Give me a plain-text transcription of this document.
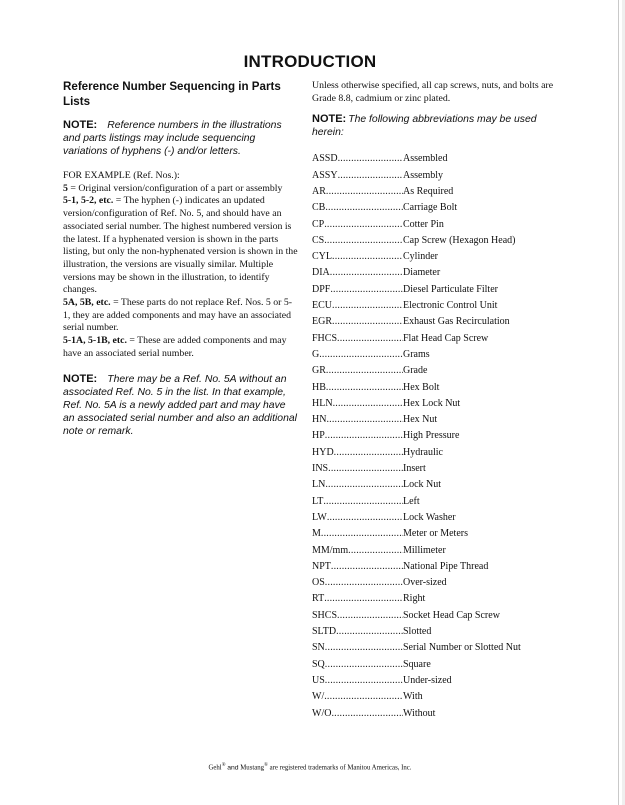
INTRODUCTION
Reference Number Sequencing in Parts Lists
NOTE: Reference numbers in the illustrations and parts listings may include sequencing variations of hyphens (-) and/or letters.

FOR EXAMPLE (Ref. Nos.):

5 = Original version/configuration of a part or assembly

5-1, 5-2, etc. = The hyphen (-) indicates an updated version/configuration of Ref. No. 5, and should have an associated serial number. The highest numbered version is the latest. If a hyphenated version is shown in the parts listing, but only the non-hyphenated version is shown in the illustration, the versions are visually similar. Multiple versions may be shown in the illustration, to identify changes.

5A, 5B, etc. = These parts do not replace Ref. Nos. 5 or 5-1, they are added components and may have an associated serial number.

5-1A, 5-1B, etc. = These are added components and may have an associated serial number.

NOTE: There may be a Ref. No. 5A without an associated Ref. No. 5 in the list. In that example, Ref. No. 5A is a newly added part and may have an associated serial number and also an additional note or remark.

Unless otherwise specified, all cap screws, nuts, and bolts are Grade 8.8, cadmium or zinc plated.

NOTE: The following abbreviations may be used herein:
ASSD .....	Assembled
ASSY .....	Assembly
AR .....	As Required
CB .....	Carriage Bolt
CP .....	Cotter Pin
CS .....	Cap Screw (Hexagon Head)
CYL .....	Cylinder
DIA .....	Diameter
DPF .....	Diesel Particulate Filter
ECU .....	Electronic Control Unit
EGR .....	Exhaust Gas Recirculation
FHCS .....	Flat Head Cap Screw
G .....	Grams
GR .....	Grade
HB .....	Hex Bolt
HLN .....	Hex Lock Nut
HN .....	Hex Nut
HP .....	High Pressure
HYD .....	Hydraulic
INS .....	Insert
LN .....	Lock Nut
LT .....	Left
LW .....	Lock Washer
M .....	Meter or Meters
MM/mm .....	Millimeter
NPT .....	National Pipe Thread
OS .....	Over-sized
RT .....	Right
SHCS .....	Socket Head Cap Screw
SLTD .....	Slotted
SN .....	Serial Number or Slotted Nut
SQ .....	Square
US .....	Under-sized
W/ .....	With
W/O .....	Without
Gehl® and Mustang® are registered trademarks of Manitou Americas, Inc.
